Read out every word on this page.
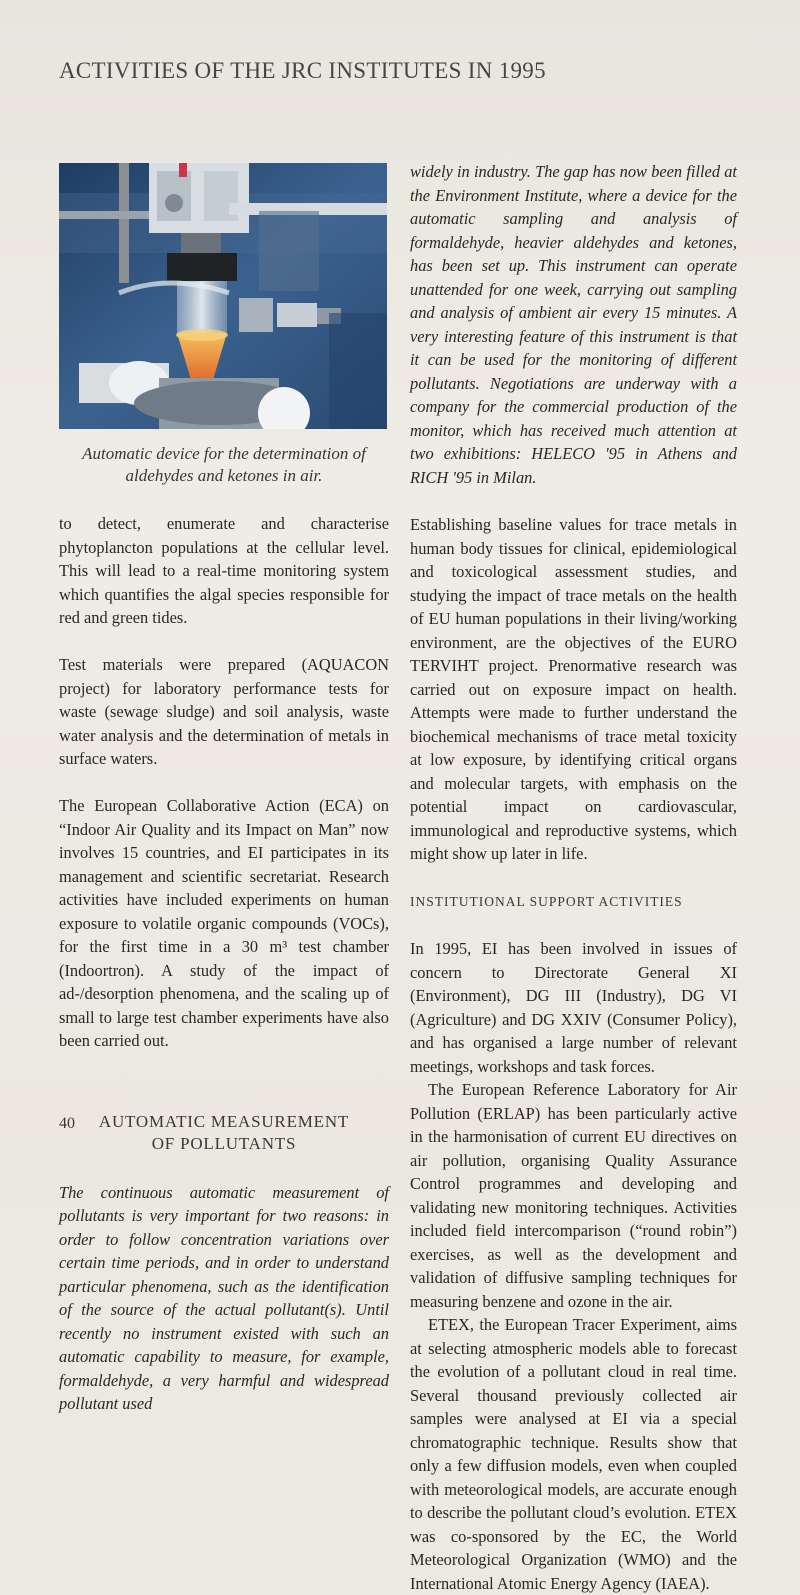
ACTIVITIES OF THE JRC INSTITUTES IN 1995
Automatic device for the determination of aldehydes and ketones in air.

to detect, enumerate and characterise phytoplancton populations at the cellular level. This will lead to a real-time monitoring system which quantifies the algal species responsible for red and green tides.

Test materials were prepared (AQUACON project) for laboratory performance tests for waste (sewage sludge) and soil analysis, waste water analysis and the determination of metals in surface waters.

The European Collaborative Action (ECA) on “Indoor Air Quality and its Impact on Man” now involves 15 countries, and EI participates in its management and scientific secretariat. Research activities have included experiments on human exposure to volatile organic compounds (VOCs), for the first time in a 30 m³ test chamber (Indoortron). A study of the impact of ad-/desorption phenomena, and the scaling up of small to large test chamber experiments have also been carried out.

AUTOMATIC MEASUREMENT
OF POLLUTANTS

The continuous automatic measurement of pollutants is very important for two reasons: in order to follow concentration variations over certain time periods, and in order to understand particular phenomena, such as the identification of the source of the actual pollutant(s). Until recently no instrument existed with such an automatic capability to measure, for example, formaldehyde, a very harmful and widespread pollutant used

widely in industry. The gap has now been filled at the Environment Institute, where a device for the automatic sampling and analysis of formaldehyde, heavier aldehydes and ketones, has been set up. This instrument can operate unattended for one week, carrying out sampling and analysis of ambient air every 15 minutes. A very interesting feature of this instrument is that it can be used for the monitoring of different pollutants. Negotiations are underway with a company for the commercial production of the monitor, which has received much attention at two exhibitions: HELECO '95 in Athens and RICH '95 in Milan.

Establishing baseline values for trace metals in human body tissues for clinical, epidemiological and toxicological assessment studies, and studying the impact of trace metals on the health of EU human populations in their living/working environment, are the objectives of the EURO TERVIHT project. Prenormative research was carried out on exposure impact on health. Attempts were made to further understand the biochemical mechanisms of trace metal toxicity at low exposure, by identifying critical organs and molecular targets, with emphasis on the potential impact on cardiovascular, immunological and reproductive systems, which might show up later in life.

INSTITUTIONAL SUPPORT ACTIVITIES

In 1995, EI has been involved in issues of concern to Directorate General XI (Environment), DG III (Industry), DG VI (Agriculture) and DG XXIV (Consumer Policy), and has organised a large number of relevant meetings, workshops and task forces.

The European Reference Laboratory for Air Pollution (ERLAP) has been particularly active in the harmonisation of current EU directives on air pollution, organising Quality Assurance Control programmes and developing and validating new monitoring techniques. Activities included field intercomparison (“round robin”) exercises, as well as the development and validation of diffusive sampling techniques for measuring benzene and ozone in the air.

ETEX, the European Tracer Experiment, aims at selecting atmospheric models able to forecast the evolution of a pollutant cloud in real time. Several thousand previously collected air samples were analysed at EI via a special chromatographic technique. Results show that only a few diffusion models, even when coupled with meteorological models, are accurate enough to describe the pollutant cloud’s evolution. ETEX was co-sponsored by the EC, the World Meteorological Organization (WMO) and the International Atomic Energy Agency (IAEA).

40
